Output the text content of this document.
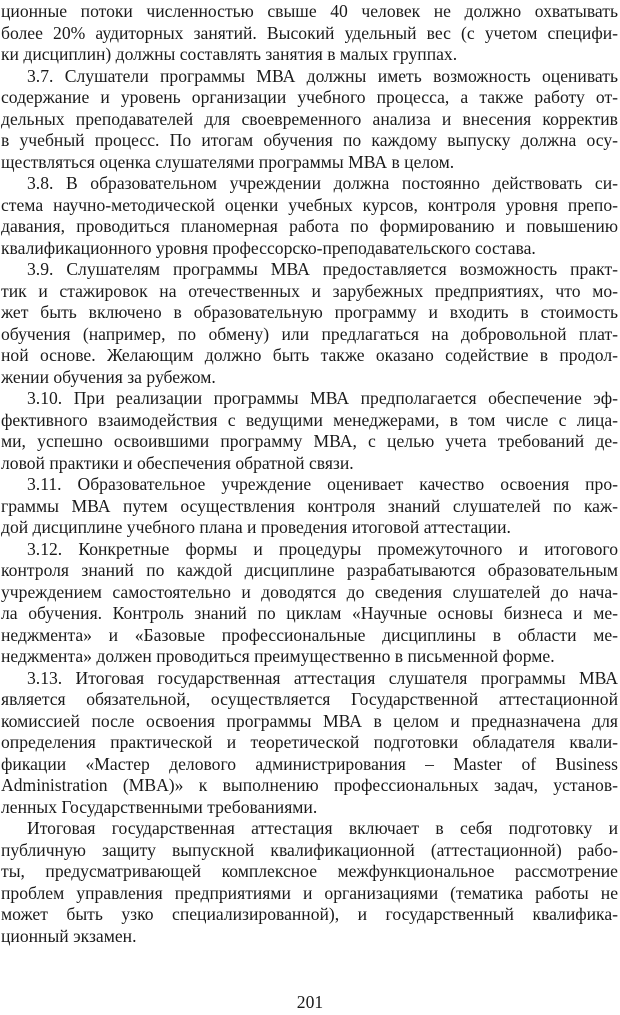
ционные потоки численностью свыше 40 человек не должно охватывать
более 20% аудиторных занятий. Высокий удельный вес (с учетом специфи-
ки дисциплин) должны составлять занятия в малых группах.
3.7. Слушатели программы МВА должны иметь возможность оценивать
содержание и уровень организации учебного процесса, а также работу от-
дельных преподавателей для своевременного анализа и внесения корректив
в учебный процесс. По итогам обучения по каждому выпуску должна осу-
ществляться оценка слушателями программы МВА в целом.
3.8. В образовательном учреждении должна постоянно действовать си-
стема научно-методической оценки учебных курсов, контроля уровня препо-
давания, проводиться планомерная работа по формированию и повышению
квалификационного уровня профессорско-преподавательского состава.
3.9. Слушателям программы МВА предоставляется возможность практ-
тик и стажировок на отечественных и зарубежных предприятиях, что мо-
жет быть включено в образовательную программу и входить в стоимость
обучения (например, по обмену) или предлагаться на добровольной плат-
ной основе. Желающим должно быть также оказано содействие в продол-
жении обучения за рубежом.
3.10. При реализации программы МВА предполагается обеспечение эф-
фективного взаимодействия с ведущими менеджерами, в том числе с лица-
ми, успешно освоившими программу МВА, с целью учета требований де-
ловой практики и обеспечения обратной связи.
3.11. Образовательное учреждение оценивает качество освоения про-
граммы МВА путем осуществления контроля знаний слушателей по каж-
дой дисциплине учебного плана и проведения итоговой аттестации.
3.12. Конкретные формы и процедуры промежуточного и итогового
контроля знаний по каждой дисциплине разрабатываются образовательным
учреждением самостоятельно и доводятся до сведения слушателей до нача-
ла обучения. Контроль знаний по циклам «Научные основы бизнеса и ме-
неджмента» и «Базовые профессиональные дисциплины в области ме-
неджмента» должен проводиться преимущественно в письменной форме.
3.13. Итоговая государственная аттестация слушателя программы МВА
является обязательной, осуществляется Государственной аттестационной
комиссией после освоения программы МВА в целом и предназначена для
определения практической и теоретической подготовки обладателя квали-
фикации «Мастер делового администрирования – Master of Business
Administration (MBA)» к выполнению профессиональных задач, установ-
ленных Государственными требованиями.
Итоговая государственная аттестация включает в себя подготовку и
публичную защиту выпускной квалификационной (аттестационной) рабо-
ты, предусматривающей комплексное межфункциональное рассмотрение
проблем управления предприятиями и организациями (тематика работы не
может быть узко специализированной), и государственный квалифика-
ционный экзамен.
201
